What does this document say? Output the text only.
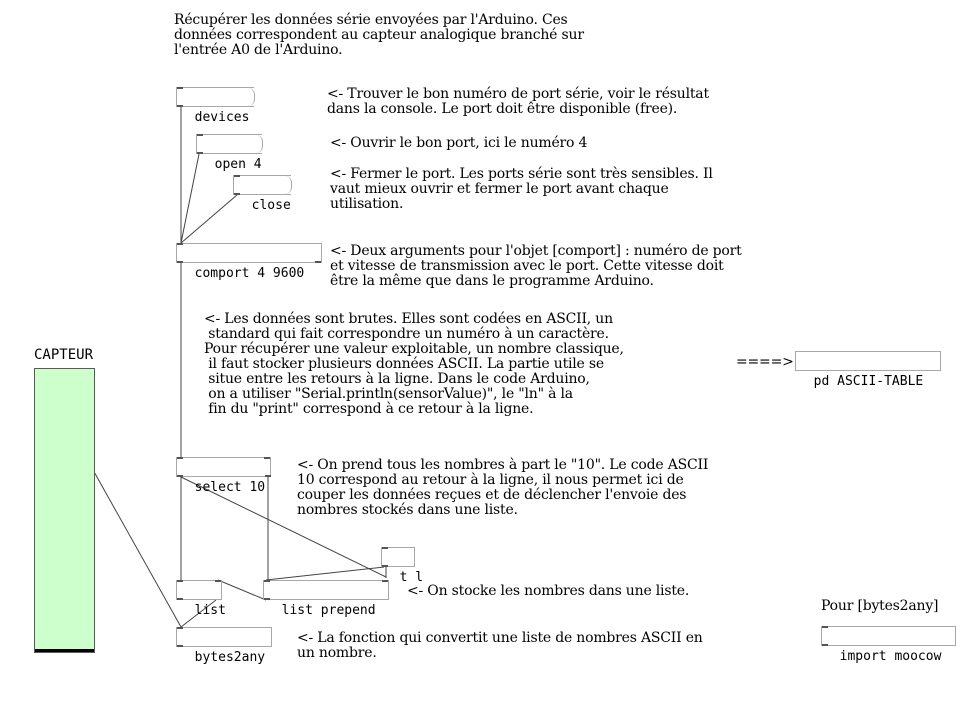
Récupérer les données série envoyées par l'Arduino. Ces
données correspondent au capteur analogique branché sur
l'entrée A0 de l'Arduino.
<- Trouver le bon numéro de port série, voir le résultat
dans la console. Le port doit être disponible (free).
<- Ouvrir le bon port, ici le numéro 4
<- Fermer le port. Les ports série sont très sensibles. Il
vaut mieux ouvrir et fermer le port avant chaque
utilisation.
<- Deux arguments pour l'objet [comport] : numéro de port
et vitesse de transmission avec le port. Cette vitesse doit
être la même que dans le programme Arduino.
<- Les données sont brutes. Elles sont codées en ASCII, un
standard qui fait correspondre un numéro à un caractère.
Pour récupérer une valeur exploitable, un nombre classique,
il faut stocker plusieurs données ASCII. La partie utile se
situe entre les retours à la ligne. Dans le code Arduino,
on a utiliser "Serial.println(sensorValue)", le "ln" à la
fin du "print" correspond à ce retour à la ligne.
====>
<- On prend tous les nombres à part le "10". Le code ASCII
10 correspond au retour à la ligne, il nous permet ici de
couper les données reçues et de déclencher l'envoie des
nombres stockés dans une liste.
<- On stocke les nombres dans une liste.
<- La fonction qui convertit une liste de nombres ASCII en
un nombre.
Pour [bytes2any]

devices

open 4

close

comport 4 9600

pd ASCII-TABLE

select 10

t l

list

	list prepend

bytes2any

	import moocow

CAPTEUR
